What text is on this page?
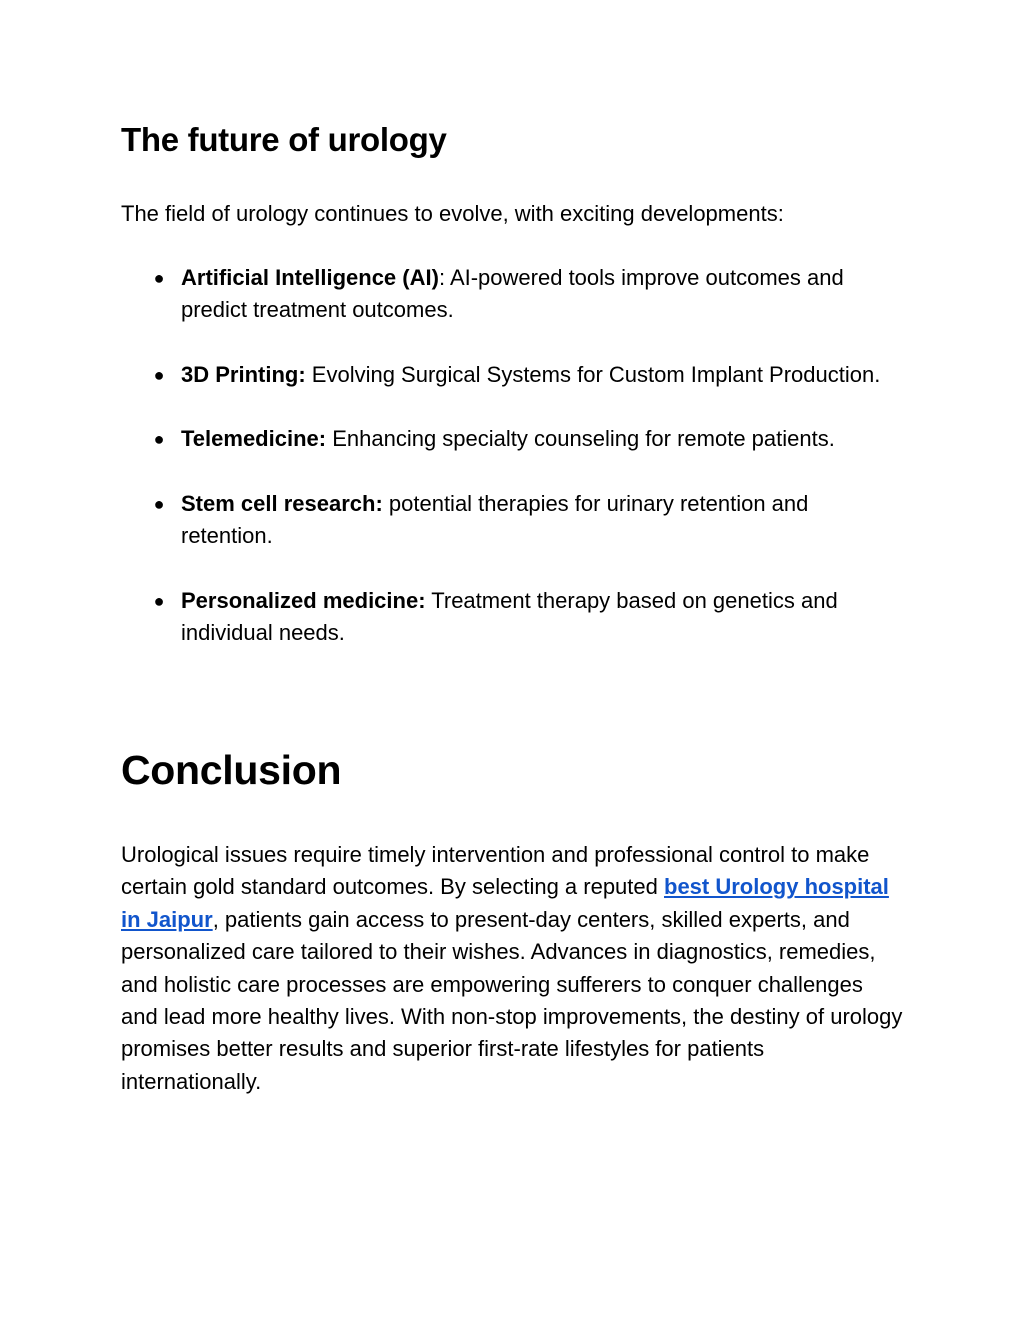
The future of urology

The field of urology continues to evolve, with exciting developments:

● Artificial Intelligence (AI): AI-powered tools improve outcomes and predict treatment outcomes.
● 3D Printing: Evolving Surgical Systems for Custom Implant Production.
● Telemedicine: Enhancing specialty counseling for remote patients.
● Stem cell research: potential therapies for urinary retention and retention.
● Personalized medicine: Treatment therapy based on genetics and individual needs.
Conclusion

Urological issues require timely intervention and professional control to make certain gold standard outcomes. By selecting a reputed best Urology hospital in Jaipur, patients gain access to present-day centers, skilled experts, and personalized care tailored to their wishes. Advances in diagnostics, remedies, and holistic care processes are empowering sufferers to conquer challenges and lead more healthy lives. With non-stop improvements, the destiny of urology promises better results and superior first-rate lifestyles for patients internationally.
